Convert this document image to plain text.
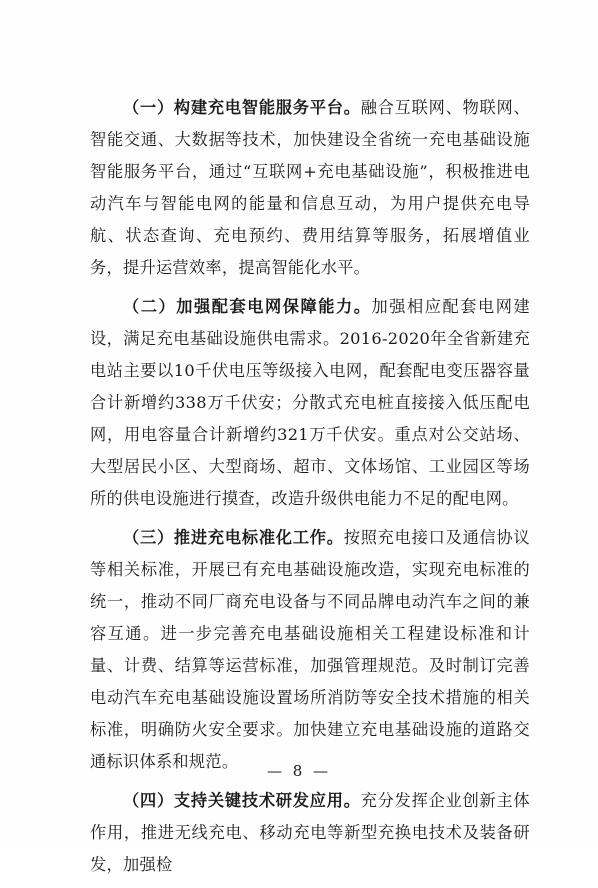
（一）构建充电智能服务平台。融合互联网、物联网、智能交通、大数据等技术，加快建设全省统一充电基础设施智能服务平台，通过“互联网+充电基础设施”，积极推进电动汽车与智能电网的能量和信息互动，为用户提供充电导航、状态查询、充电预约、费用结算等服务，拓展增值业务，提升运营效率，提高智能化水平。

（二）加强配套电网保障能力。加强相应配套电网建设，满足充电基础设施供电需求。2016-2020年全省新建充电站主要以10千伏电压等级接入电网，配套配电变压器容量合计新增约338万千伏安；分散式充电桩直接接入低压配电网，用电容量合计新增约321万千伏安。重点对公交站场、大型居民小区、大型商场、超市、文体场馆、工业园区等场所的供电设施进行摸查，改造升级供电能力不足的配电网。

（三）推进充电标准化工作。按照充电接口及通信协议等相关标准，开展已有充电基础设施改造，实现充电标准的统一，推动不同厂商充电设备与不同品牌电动汽车之间的兼容互通。进一步完善充电基础设施相关工程建设标准和计量、计费、结算等运营标准，加强管理规范。及时制订完善电动汽车充电基础设施设置场所消防等安全技术措施的相关标准，明确防火安全要求。加快建立充电基础设施的道路交通标识体系和规范。

（四）支持关键技术研发应用。充分发挥企业创新主体作用，推进无线充电、移动充电等新型充换电技术及装备研发，加强检

— 8 —
